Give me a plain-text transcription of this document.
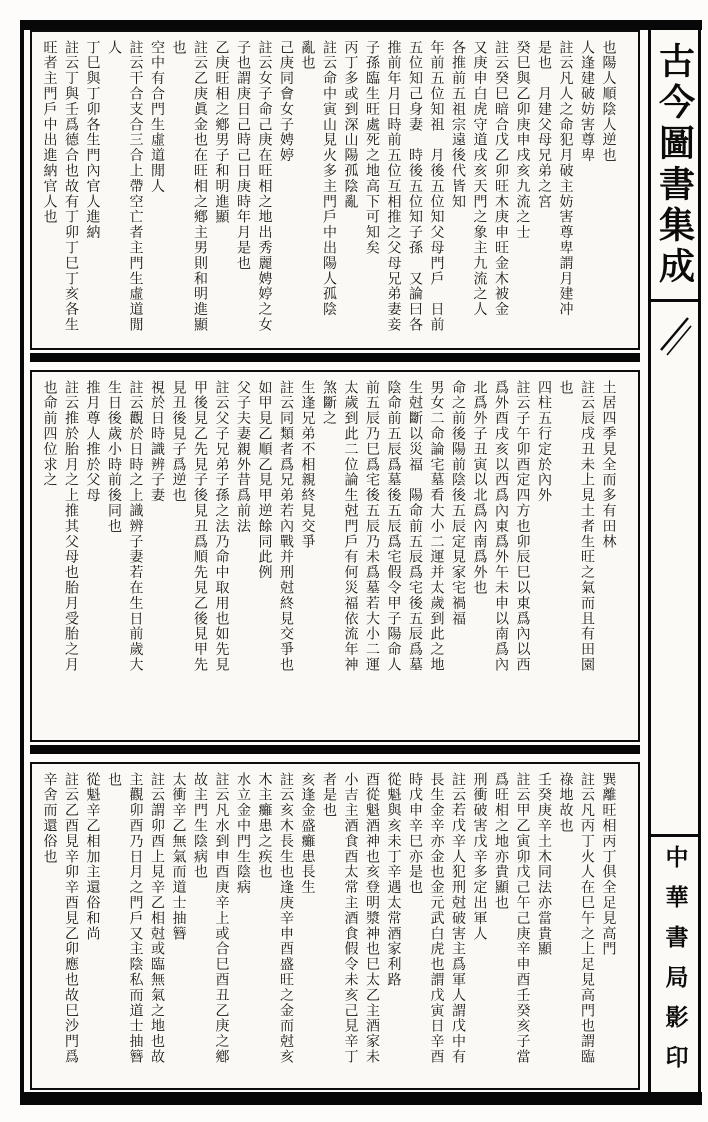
也陽人順陰人逆也
人逢建破妨害尊卑
註云凡人之命犯月破主妨害尊卑謂月建冲
是也　月建父母兄弟之宮
癸巳與乙卯庚申戌亥九流之士
註云癸巳暗合戊乙卯旺木庚申旺金木被金
又庚申白虎守道戌亥天門之象主九流之人
各推前五祖宗遠後代皆知
年前五位知祖　月後五位知父母門戶　日前
五位知己身妻　時後五位知子孫　又論曰各
推前年月日時前五位互相推之父母兄弟妻妾
子孫臨生旺處死之地高下可知矣
丙丁多或到深山陽孤陰亂
註云命中寅山見火多主門戶中出陽人孤陰
亂也
己庚同會女子娉婷
註云女子命己庚在旺相之地出秀麗娉婷之女
子也謂庚日己時己日庚時年月是也
乙庚旺相之鄕男子和明進顯
註云乙庚眞金也在旺相之鄕主男則和明進顯
也
空中有合門生虛道閒人
註云干合支合三合上帶空亡者主門生虛道閒
人
丁巳與丁卯各生門內官人進納
註云丁與壬爲德合也故有丁卯丁巳丁亥各生
旺者主門戶中出進納官人也
土居四季見全而多有田林
註云辰戌丑未上見土者生旺之氣而且有田園
也
四柱五行定於內外
註云子午卯酉定四方也卯辰巳以東爲內以西
爲外酉戌亥以西爲內東爲外午未申以南爲內
北爲外子丑寅以北爲內南爲外也
命之前後陽前陰後五辰定見家宅禍福
男女二命論宅墓看大小二運并太歲到此之地
生尅斷以災福　陽命前五辰爲宅後五辰爲墓
陰命前五辰爲墓後五辰爲宅假令甲子陽命人
前五辰乃巳爲宅後五辰乃未爲墓若大小二運
太歲到此二位論生尅門戶有何災福依流年神
煞斷之
生逢兄弟不相親終見交爭
註云同類者爲兄弟若內戰并刑尅終見交爭也
如甲見乙順乙見甲逆餘同此例
父子夫妻親外昔爲前法
註云父子兄弟子孫之法乃命中取用也如先見
甲後見乙先見子後見丑爲順先見乙後見甲先
見丑後見子爲逆也
視於日時識辨子妻
註云觀於日時之上識辨子妻若在生日前歲大
生日後歲小時前後同也
推月尊人推於父母
註云推於胎月之上推其父母也胎月受胎之月
也命前四位求之
巽離旺相丙丁俱全足見高門
註云凡丙丁火人在巳午之上足見高門也謂臨
祿地故也
壬癸庚辛土木同法亦當貴顯
註云甲乙寅卯戊己午己庚辛申酉壬癸亥子當
爲旺相之地亦貴顯也
刑衝破害戊辛多定出軍人
註云若戊辛人犯刑尅破害主爲軍人謂戊中有
長生金辛亦金也金元武白虎也謂戊寅日辛酉
時戊申辛巳亦是也
從魁與亥未丁辛遇太常酒家利路
酉從魁酒神也亥登明漿神也巳太乙主酒家未
小吉主酒食酉太常主酒食假令未亥己見辛丁
者是也
亥逢金盛癱患長生
註云亥木長生也逢庚辛申酉盛旺之金而尅亥
木主癱患之疾也
水立金中門生陰病
註云凡水到申酉庚辛上或合巳酉丑乙庚之鄕
故主門生陰病也
太衝辛乙無氣而道士抽簪
註云謂卯酉上見辛乙相尅或臨無氣之地也故
主觀卯酉乃日月之門戶又主陰私而道士抽簪
也
從魁辛乙相加主還俗和尚
註云乙酉見辛卯辛酉見乙卯應也故巳沙門爲
辛舍而還俗也
古今圖書集成
中華書局影印
